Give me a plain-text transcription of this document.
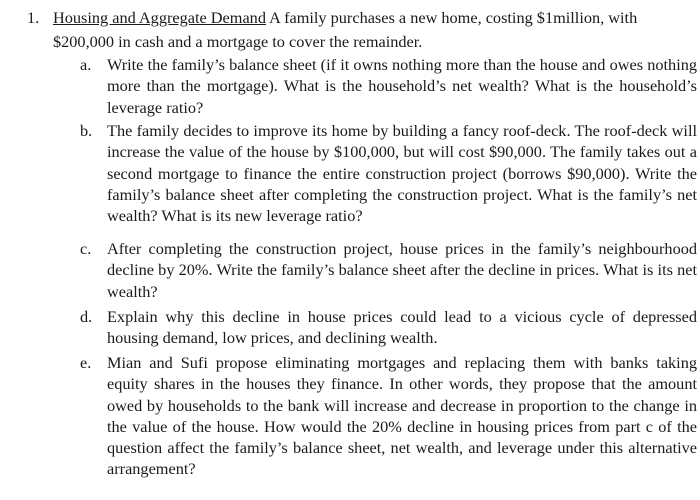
1. Housing and Aggregate Demand A family purchases a new home, costing $1million, with $200,000 in cash and a mortgage to cover the remainder.
a. Write the family’s balance sheet (if it owns nothing more than the house and owes nothing more than the mortgage). What is the household’s net wealth? What is the household’s leverage ratio?
b. The family decides to improve its home by building a fancy roof-deck. The roof-deck will increase the value of the house by $100,000, but will cost $90,000. The family takes out a second mortgage to finance the entire construction project (borrows $90,000). Write the family’s balance sheet after completing the construction project. What is the family’s net wealth? What is its new leverage ratio?
c. After completing the construction project, house prices in the family’s neighbourhood decline by 20%. Write the family’s balance sheet after the decline in prices. What is its net wealth?
d. Explain why this decline in house prices could lead to a vicious cycle of depressed housing demand, low prices, and declining wealth.
e. Mian and Sufi propose eliminating mortgages and replacing them with banks taking equity shares in the houses they finance. In other words, they propose that the amount owed by households to the bank will increase and decrease in proportion to the change in the value of the house. How would the 20% decline in housing prices from part c of the question affect the family’s balance sheet, net wealth, and leverage under this alternative arrangement?
